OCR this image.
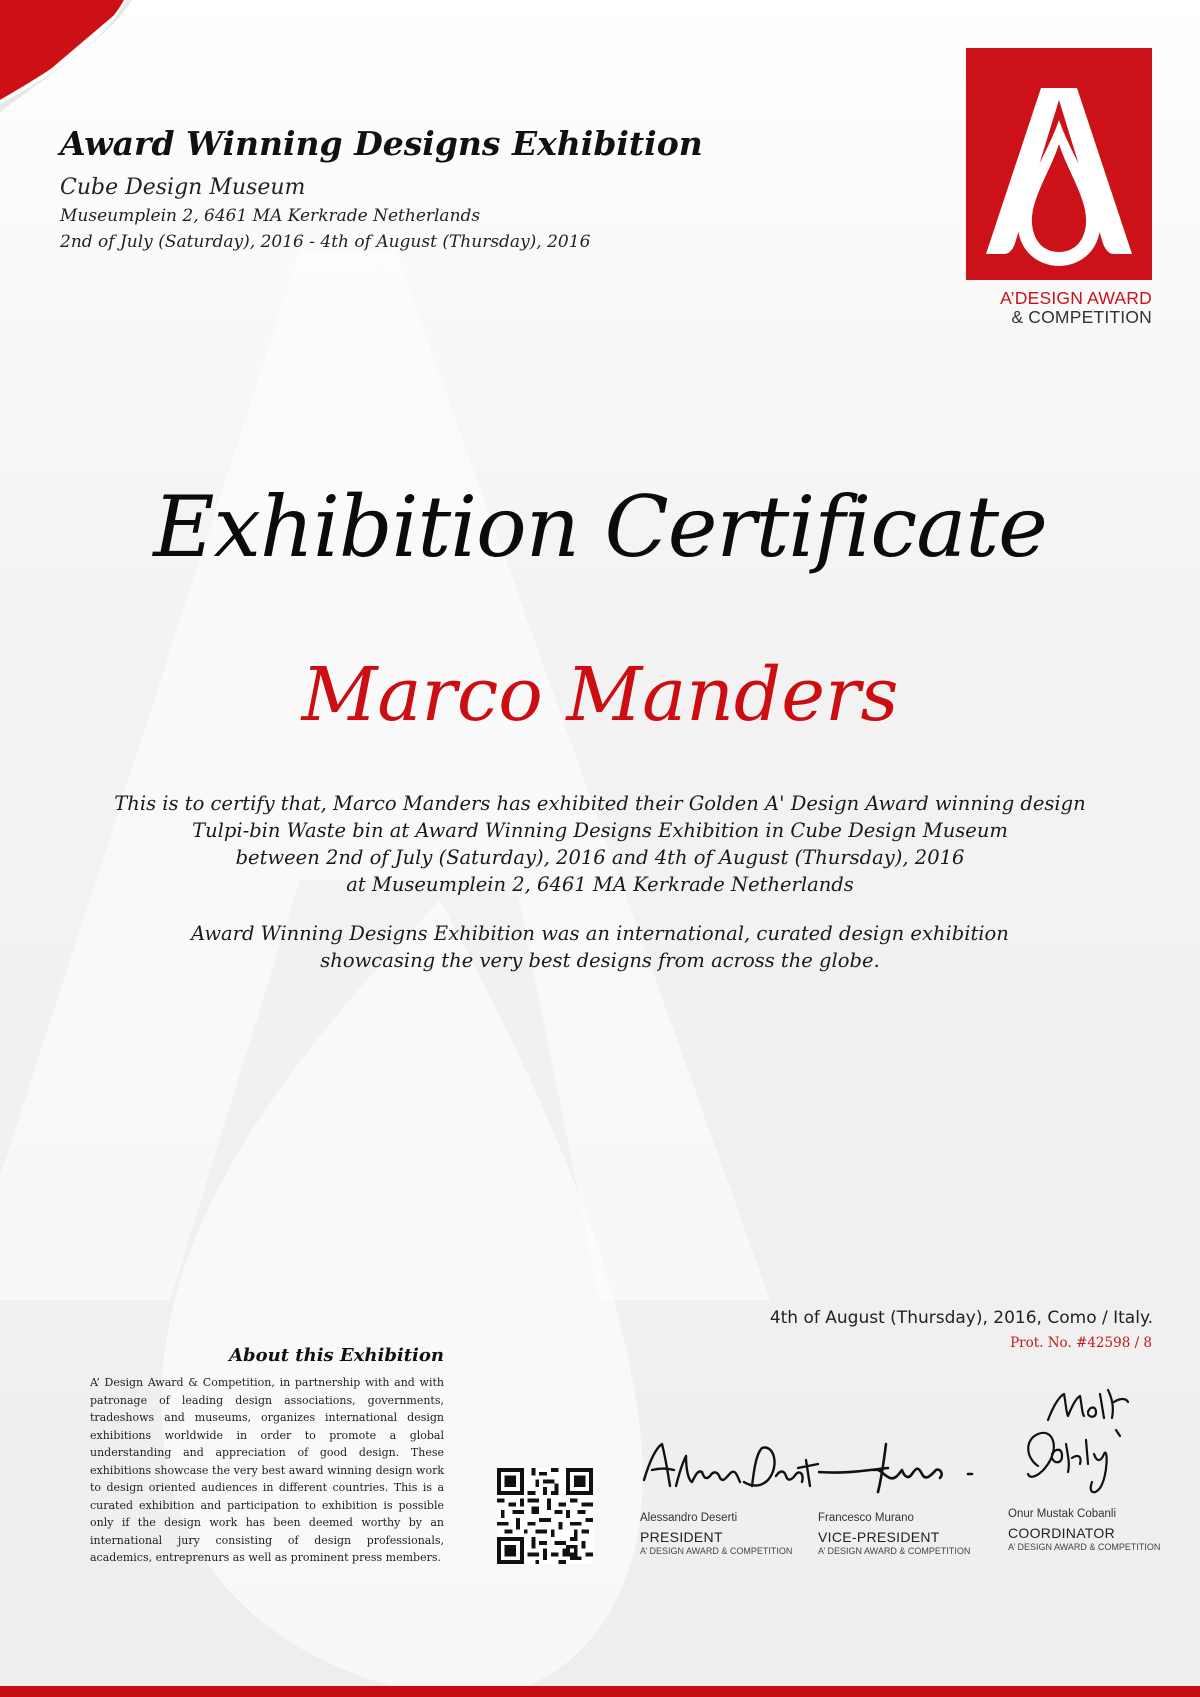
Award Winning Designs Exhibition
Cube Design Museum
Museumplein 2, 6461 MA Kerkrade Netherlands
2nd of July (Saturday), 2016 - 4th of August (Thursday), 2016
A’DESIGN AWARD
& COMPETITION
Exhibition Certificate
Marco Manders
This is to certify that, Marco Manders has exhibited their Golden A' Design Award winning design
Tulpi-bin Waste bin at Award Winning Designs Exhibition in Cube Design Museum
between 2nd of July (Saturday), 2016 and 4th of August (Thursday), 2016
at Museumplein 2, 6461 MA Kerkrade Netherlands
Award Winning Designs Exhibition was an international, curated design exhibition
showcasing the very best designs from across the globe.
4th of August (Thursday), 2016, Como / Italy.
Prot. No. #42598 / 8
About this Exhibition

A’ Design Award & Competition, in partnership with and with patronage of leading design associations, governments, tradeshows and museums, organizes international design exhibitions worldwide in order to promote a global understanding and appreciation of good design. These exhibitions showcase the very best award winning design work to design oriented audiences in different countries. This is a curated exhibition and participation to exhibition is possible only if the design work has been deemed worthy by an international jury consisting of design professionals, academics, entreprenurs as well as prominent press members.

Alessandro Deserti
PRESIDENT
A’ DESIGN AWARD & COMPETITION
Francesco Murano
VICE-PRESIDENT
A’ DESIGN AWARD & COMPETITION
Onur Mustak Cobanli
COORDINATOR
A’ DESIGN AWARD & COMPETITION
